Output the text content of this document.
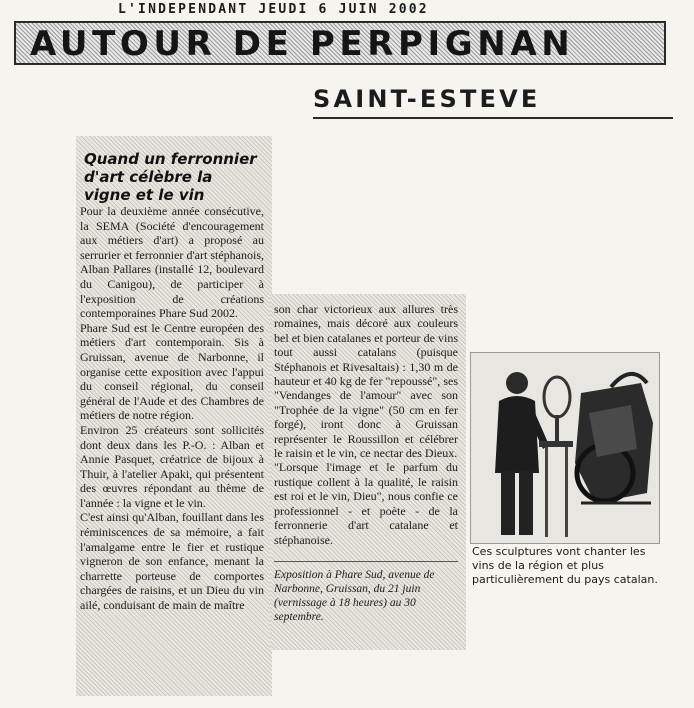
L'INDEPENDANT JEUDI 6 JUIN 2002
AUTOUR DE PERPIGNAN
SAINT-ESTEVE
Quand un ferronnier d'art célèbre la vigne et le vin

Pour la deuxième année consécutive, la SEMA (Société d'encouragement aux métiers d'art) a proposé au serrurier et ferronnier d'art stéphanois, Alban Pallares (installé 12, boulevard du Canigou), de participer à l'exposition de créations contemporaines Phare Sud 2002.

Phare Sud est le Centre européen des métiers d'art contemporain. Sis à Gruissan, avenue de Narbonne, il organise cette exposition avec l'appui du conseil régional, du conseil général de l'Aude et des Chambres de métiers de notre région.

Environ 25 créateurs sont sollicités dont deux dans les P.-O. : Alban et Annie Pasquet, créatrice de bijoux à Thuir, à l'atelier Apaki, qui présentent des œuvres répondant au thème de l'année : la vigne et le vin.

C'est ainsi qu'Alban, fouillant dans les réminiscences de sa mémoire, a fait l'amalgame entre le fier et rustique vigneron de son enfance, menant la charrette porteuse de comportes chargées de raisins, et un Dieu du vin ailé, conduisant de main de maître

son char victorieux aux allures très romaines, mais décoré aux couleurs bel et bien catalanes et porteur de vins tout aussi catalans (puisque Stéphanois et Rivesaltais) : 1,30 m de hauteur et 40 kg de fer "repoussé", ses "Vendanges de l'amour" avec son "Trophée de la vigne" (50 cm en fer forgé), iront donc à Gruissan représenter le Roussillon et célébrer le raisin et le vin, ce nectar des Dieux.

"Lorsque l'image et le parfum du rustique collent à la qualité, le raisin est roi et le vin, Dieu", nous confie ce professionnel - et poète - de la ferronnerie d'art catalane et stéphanoise.

Exposition à Phare Sud, avenue de Narbonne, Gruissan, du 21 juin (vernissage à 18 heures) au 30 septembre.
Ces sculptures vont chanter les vins de la région et plus particulièrement du pays catalan.
